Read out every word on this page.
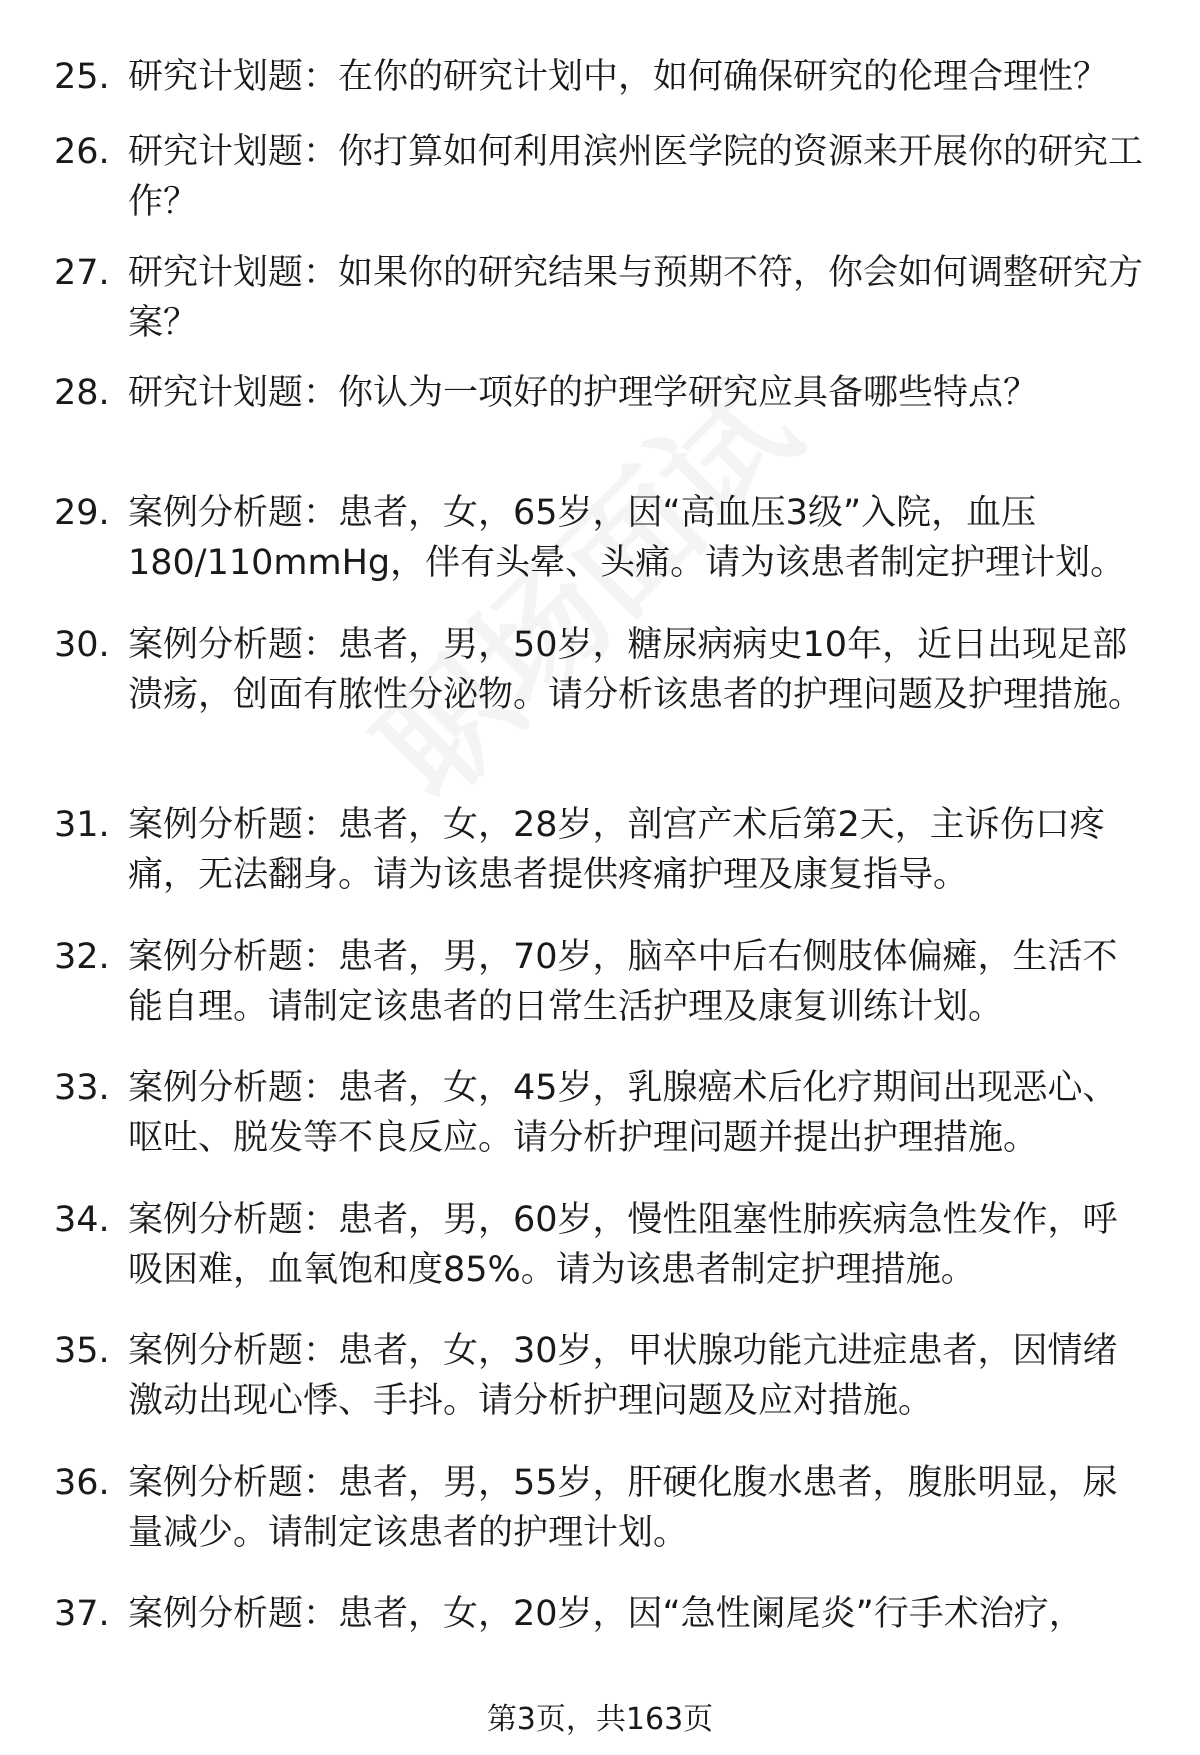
25. 研究计划题：在你的研究计划中，如何确保研究的伦理合理性？
26. 研究计划题：你打算如何利用滨州医学院的资源来开展你的研究工作？
27. 研究计划题：如果你的研究结果与预期不符，你会如何调整研究方案？
28. 研究计划题：你认为一项好的护理学研究应具备哪些特点？
29. 案例分析题：患者，女，65岁，因“高血压3级”入院，血压180/110mmHg，伴有头晕、头痛。请为该患者制定护理计划。
30. 案例分析题：患者，男，50岁，糖尿病病史10年，近日出现足部溃疡，创面有脓性分泌物。请分析该患者的护理问题及护理措施。
31. 案例分析题：患者，女，28岁，剖宫产术后第2天，主诉伤口疼痛，无法翻身。请为该患者提供疼痛护理及康复指导。
32. 案例分析题：患者，男，70岁，脑卒中后右侧肢体偏瘫，生活不能自理。请制定该患者的日常生活护理及康复训练计划。
33. 案例分析题：患者，女，45岁，乳腺癌术后化疗期间出现恶心、呕吐、脱发等不良反应。请分析护理问题并提出护理措施。
34. 案例分析题：患者，男，60岁，慢性阻塞性肺疾病急性发作，呼吸困难，血氧饱和度85%。请为该患者制定护理措施。
35. 案例分析题：患者，女，30岁，甲状腺功能亢进症患者，因情绪激动出现心悸、手抖。请分析护理问题及应对措施。
36. 案例分析题：患者，男，55岁，肝硬化腹水患者，腹胀明显，尿量减少。请制定该患者的护理计划。
37. 案例分析题：患者，女，20岁，因“急性阑尾炎”行手术治疗，
第3页，共163页
